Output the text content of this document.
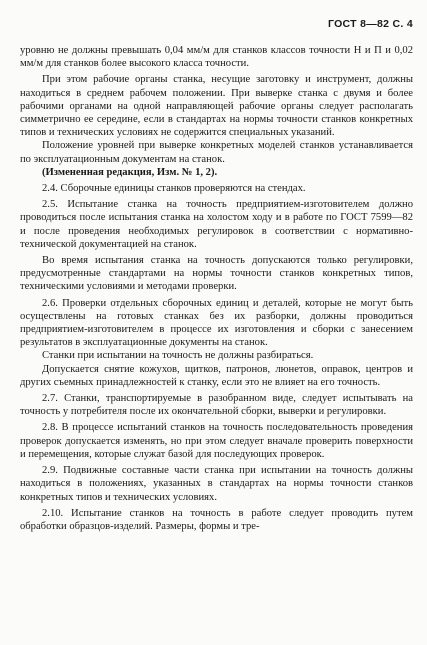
ГОСТ 8—82 С. 4

уровню не должны превышать 0,04 мм/м для станков классов точности Н и П и 0,02 мм/м для станков более высокого класса точности.

При этом рабочие органы станка, несущие заготовку и инструмент, должны находиться в среднем рабочем положении. При выверке станка с двумя и более рабочими органами на одной направляющей рабочие органы следует располагать симметрично ее середине, если в стандартах на нормы точности станков конкретных типов и технических условиях не содержится специальных указаний.

Положение уровней при выверке конкретных моделей станков устанавливается по эксплуатационным документам на станок.

(Измененная редакция, Изм. № 1, 2).

2.4. Сборочные единицы станков проверяются на стендах.

2.5. Испытание станка на точность предприятием-изготовителем должно проводиться после испытания станка на холостом ходу и в работе по ГОСТ 7599—82 и после проведения необходимых регулировок в соответствии с нормативно-технической документацией на станок.

Во время испытания станка на точность допускаются только регулировки, предусмотренные стандартами на нормы точности станков конкретных типов, техническими условиями и методами проверки.

2.6. Проверки отдельных сборочных единиц и деталей, которые не могут быть осуществлены на готовых станках без их разборки, должны проводиться предприятием-изготовителем в процессе их изготовления и сборки с занесением результатов в эксплуатационные документы на станок.

Станки при испытании на точность не должны разбираться.

Допускается снятие кожухов, щитков, патронов, люнетов, оправок, центров и других съемных принадлежностей к станку, если это не влияет на его точность.

2.7. Станки, транспортируемые в разобранном виде, следует испытывать на точность у потребителя после их окончательной сборки, выверки и регулировки.

2.8. В процессе испытаний станков на точность последовательность проведения проверок допускается изменять, но при этом следует вначале проверить поверхности и перемещения, которые служат базой для последующих проверок.

2.9. Подвижные составные части станка при испытании на точность должны находиться в положениях, указанных в стандартах на нормы точности станков конкретных типов и технических условиях.

2.10. Испытание станков на точность в работе следует проводить путем обработки образцов-изделий. Размеры, формы и тре-
